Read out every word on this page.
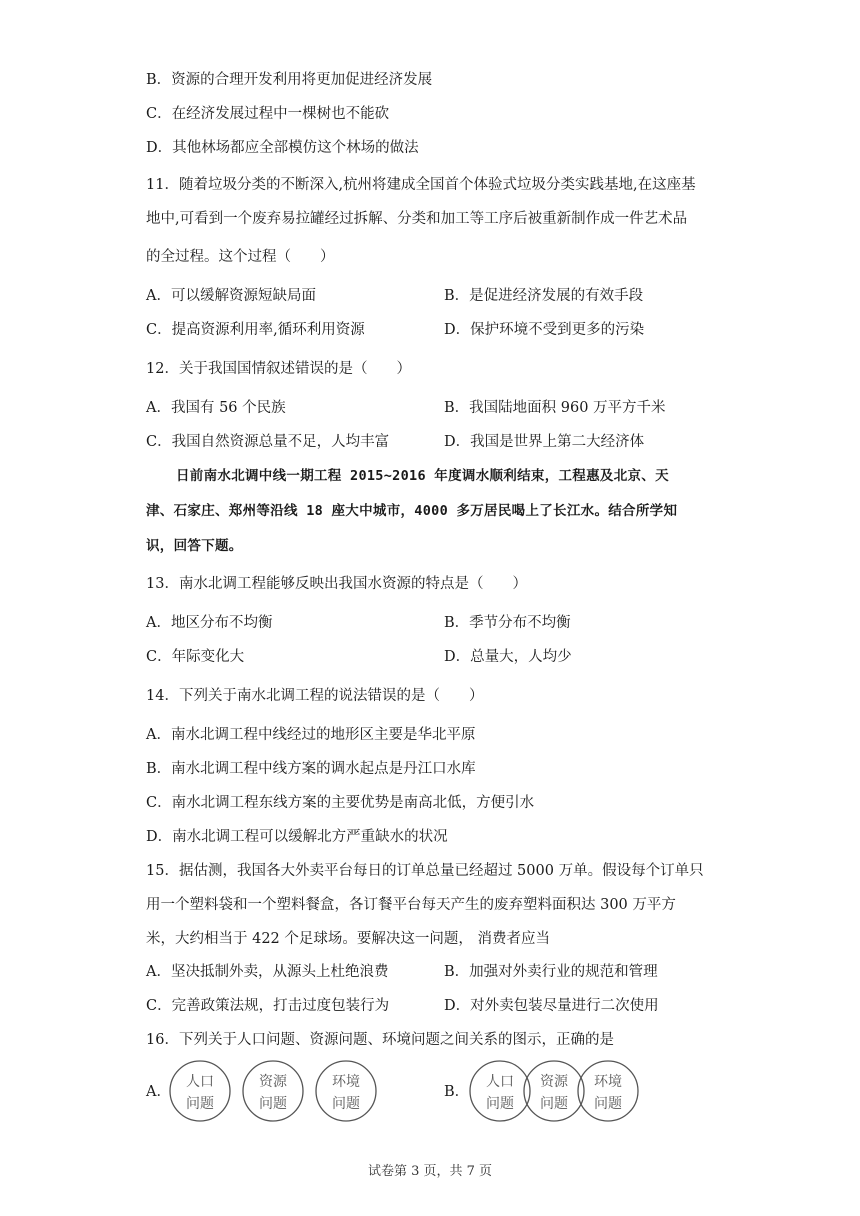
B．资源的合理开发利用将更加促进经济发展
C．在经济发展过程中一棵树也不能砍
D．其他林场都应全部模仿这个林场的做法
11．随着垃圾分类的不断深入,杭州将建成全国首个体验式垃圾分类实践基地,在这座基
地中,可看到一个废弃易拉罐经过拆解、分类和加工等工序后被重新制作成一件艺术品
的全过程。这个过程（　　）
A．可以缓解资源短缺局面	B．是促进经济发展的有效手段
C．提高资源利用率,循环利用资源	D．保护环境不受到更多的污染
12．关于我国国情叙述错误的是（　　）
A．我国有 56 个民族	B．我国陆地面积 960 万平方千米
C．我国自然资源总量不足，人均丰富	D．我国是世界上第二大经济体
日前南水北调中线一期工程 2015~2016 年度调水顺利结束，工程惠及北京、天
津、石家庄、郑州等沿线 18 座大中城市，4000 多万居民喝上了长江水。结合所学知
识，回答下题。
13．南水北调工程能够反映出我国水资源的特点是（　　）
A．地区分布不均衡	B．季节分布不均衡
C．年际变化大	D．总量大，人均少
14．下列关于南水北调工程的说法错误的是（　　）
A．南水北调工程中线经过的地形区主要是华北平原
B．南水北调工程中线方案的调水起点是丹江口水库
C．南水北调工程东线方案的主要优势是南高北低，方便引水
D．南水北调工程可以缓解北方严重缺水的状况
15．据估测，我国各大外卖平台每日的订单总量已经超过 5000 万单。假设每个订单只
用一个塑料袋和一个塑料餐盒，各订餐平台每天产生的废弃塑料面积达 300 万平方
米，大约相当于 422 个足球场。要解决这一问题， 消费者应当
A．坚决抵制外卖，从源头上杜绝浪费	B．加强对外卖行业的规范和管理
C．完善政策法规，打击过度包装行为	D．对外卖包装尽量进行二次使用
16．下列关于人口问题、资源问题、环境问题之间关系的图示，正确的是
A．
人口
问题
资源
问题
环境
问题
B．
人口
问题
资源
问题
环境
问题
试卷第 3 页，共 7 页
